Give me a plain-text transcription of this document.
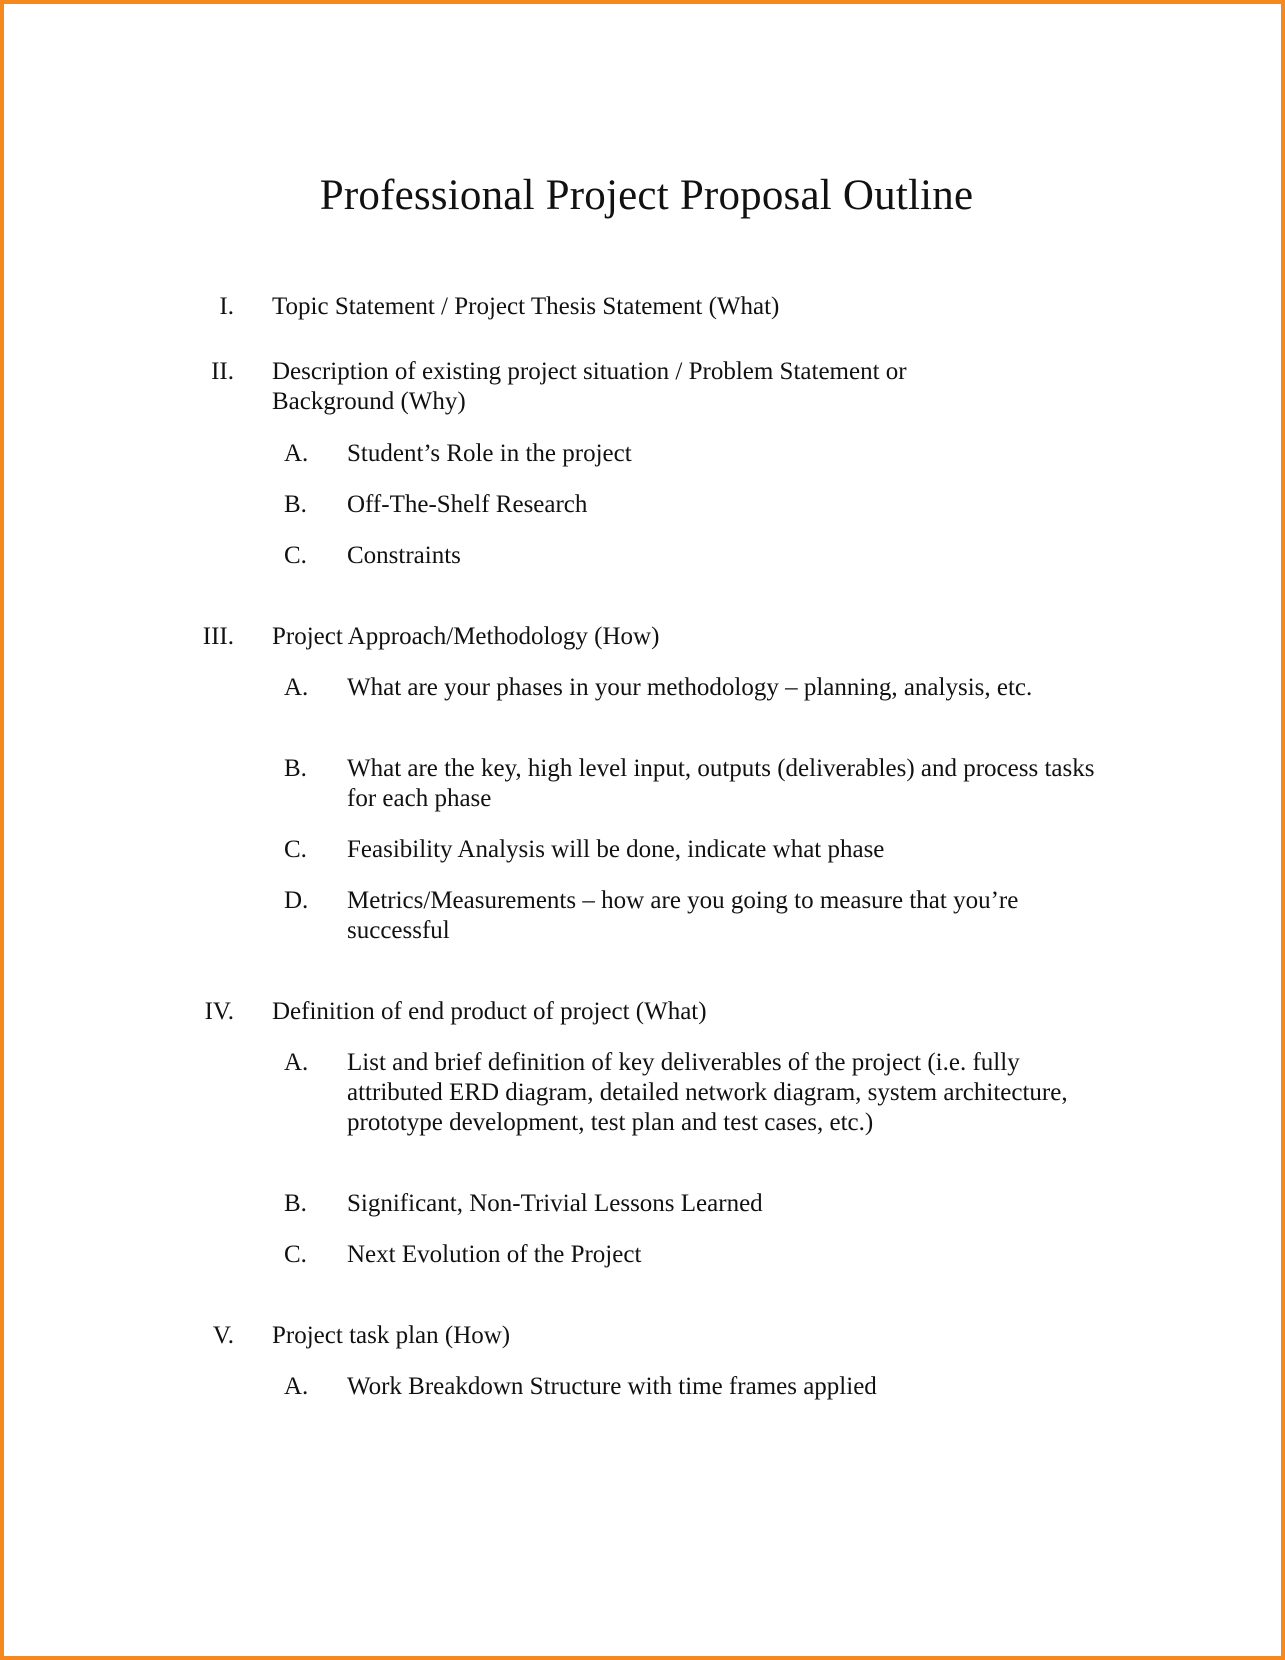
Professional Project Proposal Outline
I. Topic Statement / Project Thesis Statement (What)
II. Description of existing project situation / Problem Statement or Background (Why)
A. Student’s Role in the project
B. Off-The-Shelf Research
C. Constraints
III. Project Approach/Methodology (How)
A. What are your phases in your methodology – planning, analysis, etc.
B. What are the key, high level input, outputs (deliverables) and process tasks for each phase
C. Feasibility Analysis will be done, indicate what phase
D. Metrics/Measurements – how are you going to measure that you’re successful
IV. Definition of end product of project (What)
A. List and brief definition of key deliverables of the project (i.e. fully attributed ERD diagram, detailed network diagram, system architecture, prototype development, test plan and test cases, etc.)
B. Significant, Non-Trivial Lessons Learned
C. Next Evolution of the Project
V. Project task plan (How)
A. Work Breakdown Structure with time frames applied
